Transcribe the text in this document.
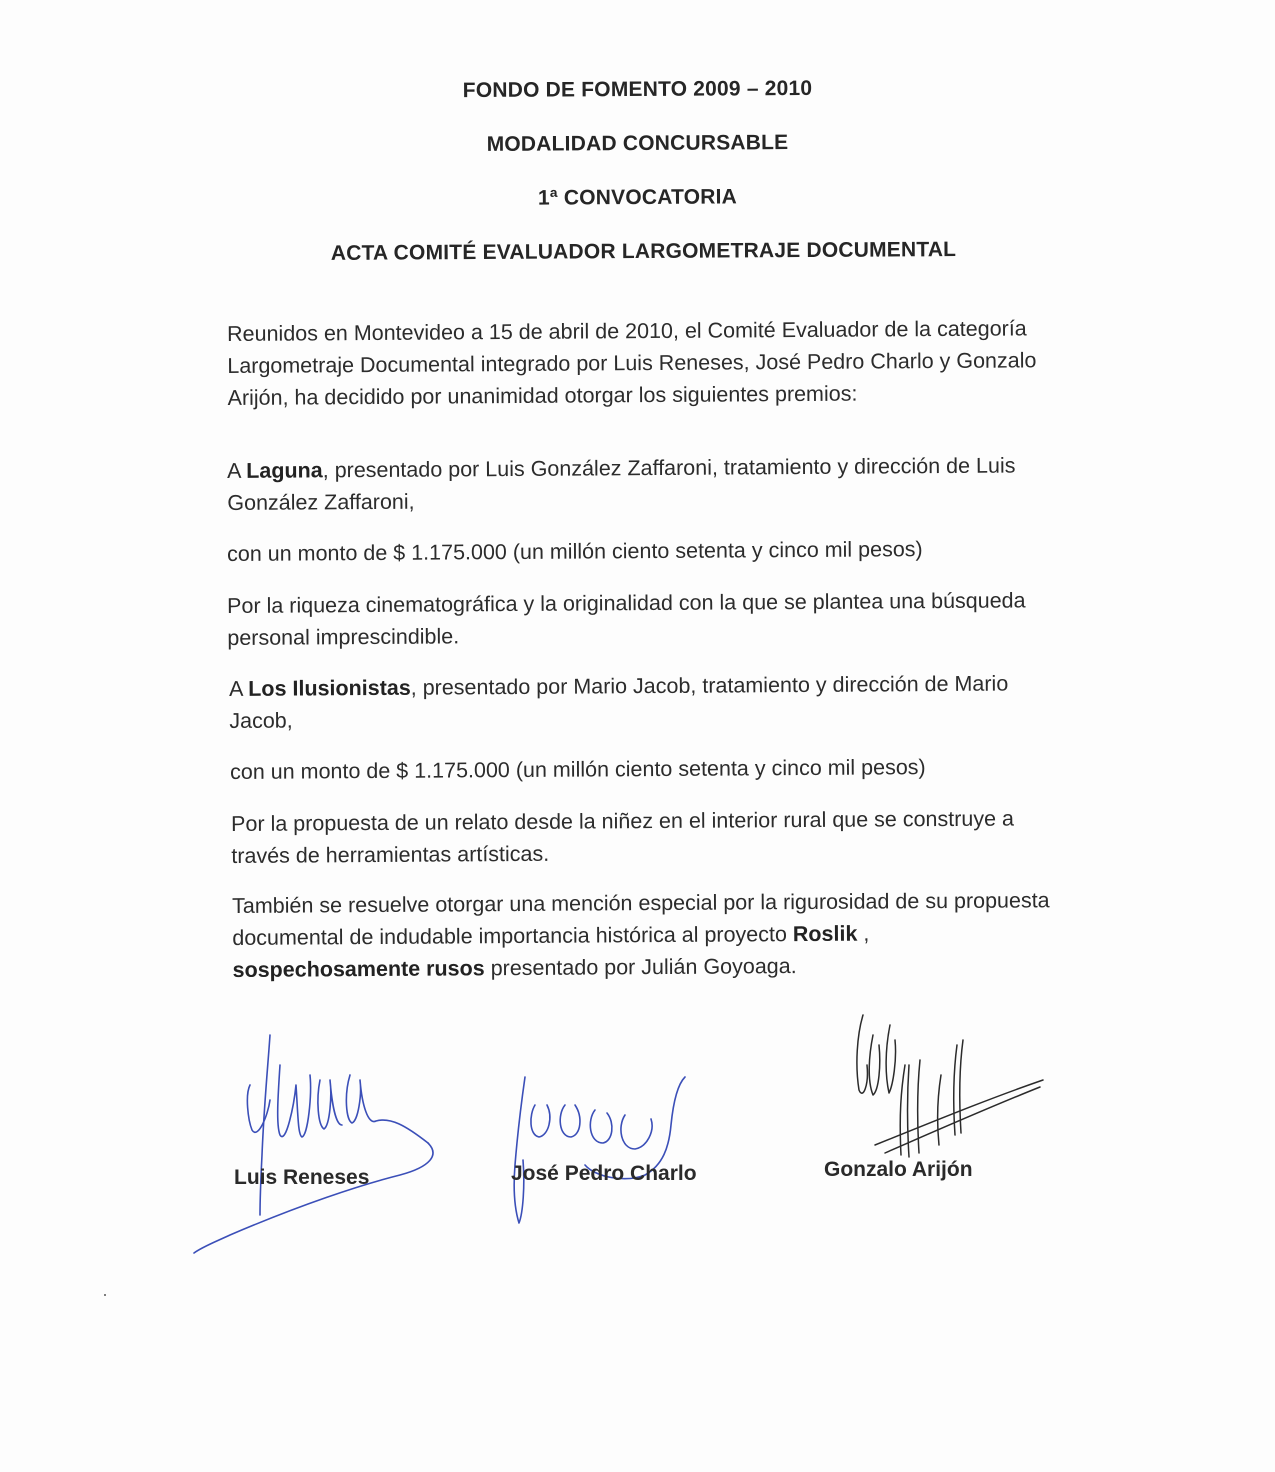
FONDO DE FOMENTO 2009 – 2010
MODALIDAD CONCURSABLE
1ª CONVOCATORIA
ACTA COMITÉ EVALUADOR LARGOMETRAJE DOCUMENTAL
Reunidos en Montevideo a 15 de abril de 2010, el Comité Evaluador de la categoría Largometraje Documental integrado por Luis Reneses, José Pedro Charlo y Gonzalo Arijón, ha decidido por unanimidad otorgar los siguientes premios:
A Laguna, presentado por Luis González Zaffaroni, tratamiento y dirección de Luis González Zaffaroni,
con un monto de $ 1.175.000 (un millón ciento setenta y cinco mil pesos)
Por la riqueza cinematográfica y la originalidad con la que se plantea una búsqueda personal imprescindible.
A Los Ilusionistas, presentado por Mario Jacob, tratamiento y dirección de Mario Jacob,
con un monto de $ 1.175.000 (un millón ciento setenta y cinco mil pesos)
Por la propuesta de un relato desde la niñez en el interior rural que se construye a través de herramientas artísticas.
También se resuelve otorgar una mención especial por la rigurosidad de su propuesta documental de indudable importancia histórica al proyecto Roslik , sospechosamente rusos presentado por Julián Goyoaga.
Luis Reneses	José Pedro Charlo	Gonzalo Arijón
